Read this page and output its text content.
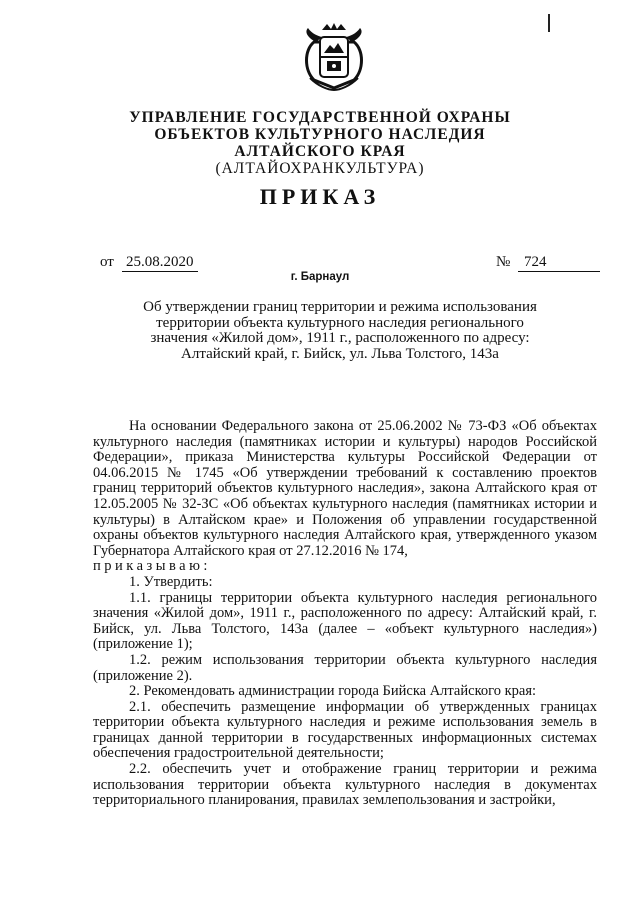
УПРАВЛЕНИЕ ГОСУДАРСТВЕННОЙ ОХРАНЫ
ОБЪЕКТОВ КУЛЬТУРНОГО НАСЛЕДИЯ
АЛТАЙСКОГО КРАЯ
(АЛТАЙОХРАНКУЛЬТУРА)
ПРИКАЗ
от 25.08.2020	№ 724
г. Барнаул
Об утверждении границ территории и режима использования
территории объекта культурного наследия регионального
значения «Жилой дом», 1911 г., расположенного по адресу:
Алтайский край, г. Бийск, ул. Льва Толстого, 143а

На основании Федерального закона от 25.06.2002 № 73-ФЗ «Об объектах культурного наследия (памятниках истории и культуры) народов Российской Федерации», приказа Министерства культуры Российской Федерации от 04.06.2015 № 1745 «Об утверждении требований к составлению проектов границ территорий объектов культурного наследия», закона Алтайского края от 12.05.2005 № 32-ЗС «Об объектах культурного наследия (памятниках истории и культуры) в Алтайском крае» и Положения об управлении государственной охраны объектов культурного наследия Алтайского края, утвержденного указом Губернатора Алтайского края от 27.12.2016 № 174,

приказываю:

1. Утвердить:

1.1. границы территории объекта культурного наследия регионального значения «Жилой дом», 1911 г., расположенного по адресу: Алтайский край, г. Бийск, ул. Льва Толстого, 143а (далее – «объект культурного наследия») (приложение 1);

1.2. режим использования территории объекта культурного наследия (приложение 2).

2. Рекомендовать администрации города Бийска Алтайского края:

2.1. обеспечить размещение информации об утвержденных границах территории объекта культурного наследия и режиме использования земель в границах данной территории в государственных информационных системах обеспечения градостроительной деятельности;

2.2. обеспечить учет и отображение границ территории и режима использования территории объекта культурного наследия в документах территориального планирования, правилах землепользования и застройки,
